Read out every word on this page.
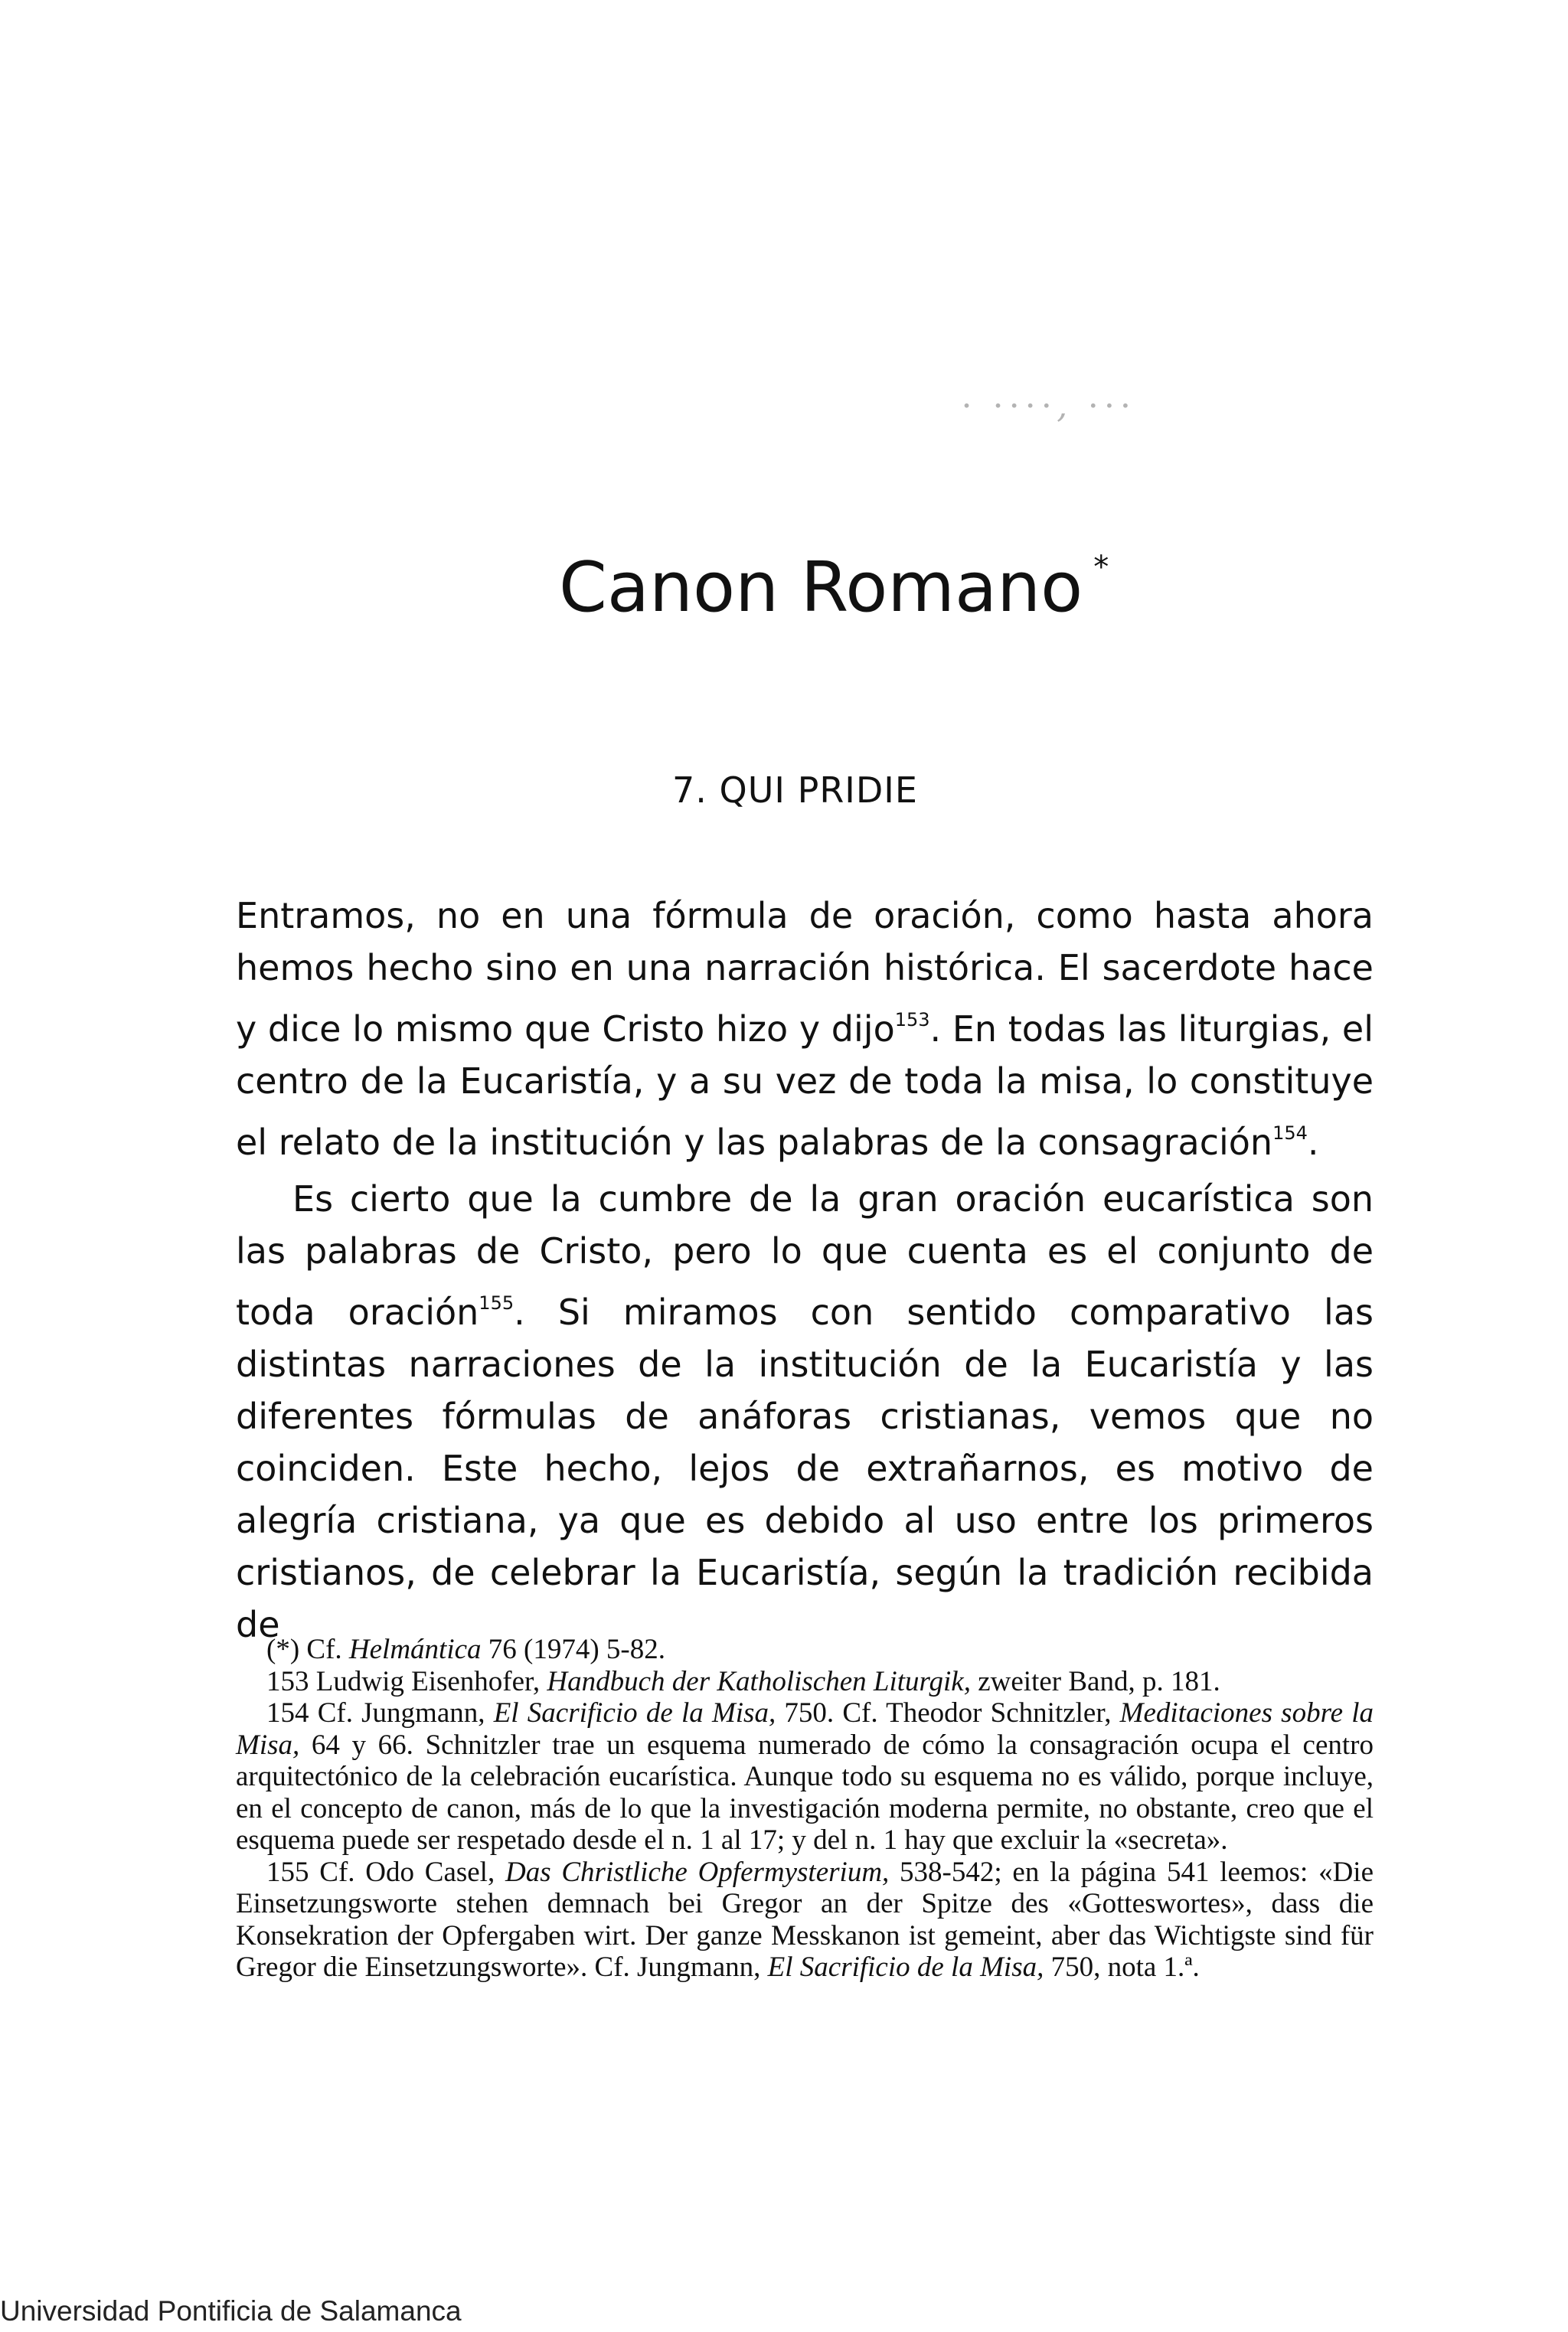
⋅ ⋅⋅⋅⋅, ⋅⋅⋅
Canon Romano *
7. QUI PRIDIE

Entramos, no en una fórmula de oración, como hasta ahora hemos hecho sino en una narración histórica. El sacerdote hace y dice lo mismo que Cristo hizo y dijo$^{153}$. En todas las liturgias, el centro de la Eucaristía, y a su vez de toda la misa, lo constituye el relato de la institución y las palabras de la consagración$^{154}$.

Es cierto que la cumbre de la gran oración eucarística son las palabras de Cristo, pero lo que cuenta es el conjunto de toda oración$^{155}$. Si miramos con sentido comparativo las distintas narraciones de la institución de la Eucaristía y las diferentes fórmulas de anáforas cristianas, vemos que no coinciden. Este hecho, lejos de extrañarnos, es motivo de alegría cristiana, ya que es debido al uso entre los primeros cristianos, de celebrar la Eucaristía, según la tradición recibida de

(*) Cf. Helmántica 76 (1974) 5-82.

153 Ludwig Eisenhofer, Handbuch der Katholischen Liturgik, zweiter Band, p. 181.

154 Cf. Jungmann, El Sacrificio de la Misa, 750. Cf. Theodor Schnitzler, Meditaciones sobre la Misa, 64 y 66. Schnitzler trae un esquema numerado de cómo la consagración ocupa el centro arquitectónico de la celebración eucarística. Aunque todo su esquema no es válido, porque incluye, en el concepto de canon, más de lo que la investigación moderna permite, no obstante, creo que el esquema puede ser respetado desde el n. 1 al 17; y del n. 1 hay que excluir la «secreta».

155 Cf. Odo Casel, Das Christliche Opfermysterium, 538-542; en la página 541 leemos: «Die Einsetzungsworte stehen demnach bei Gregor an der Spitze des «Gotteswortes», dass die Konsekration der Opfergaben wirt. Der ganze Messkanon ist gemeint, aber das Wichtigste sind für Gregor die Einsetzungsworte». Cf. Jungmann, El Sacrificio de la Misa, 750, nota 1.ª.

Universidad Pontificia de Salamanca
